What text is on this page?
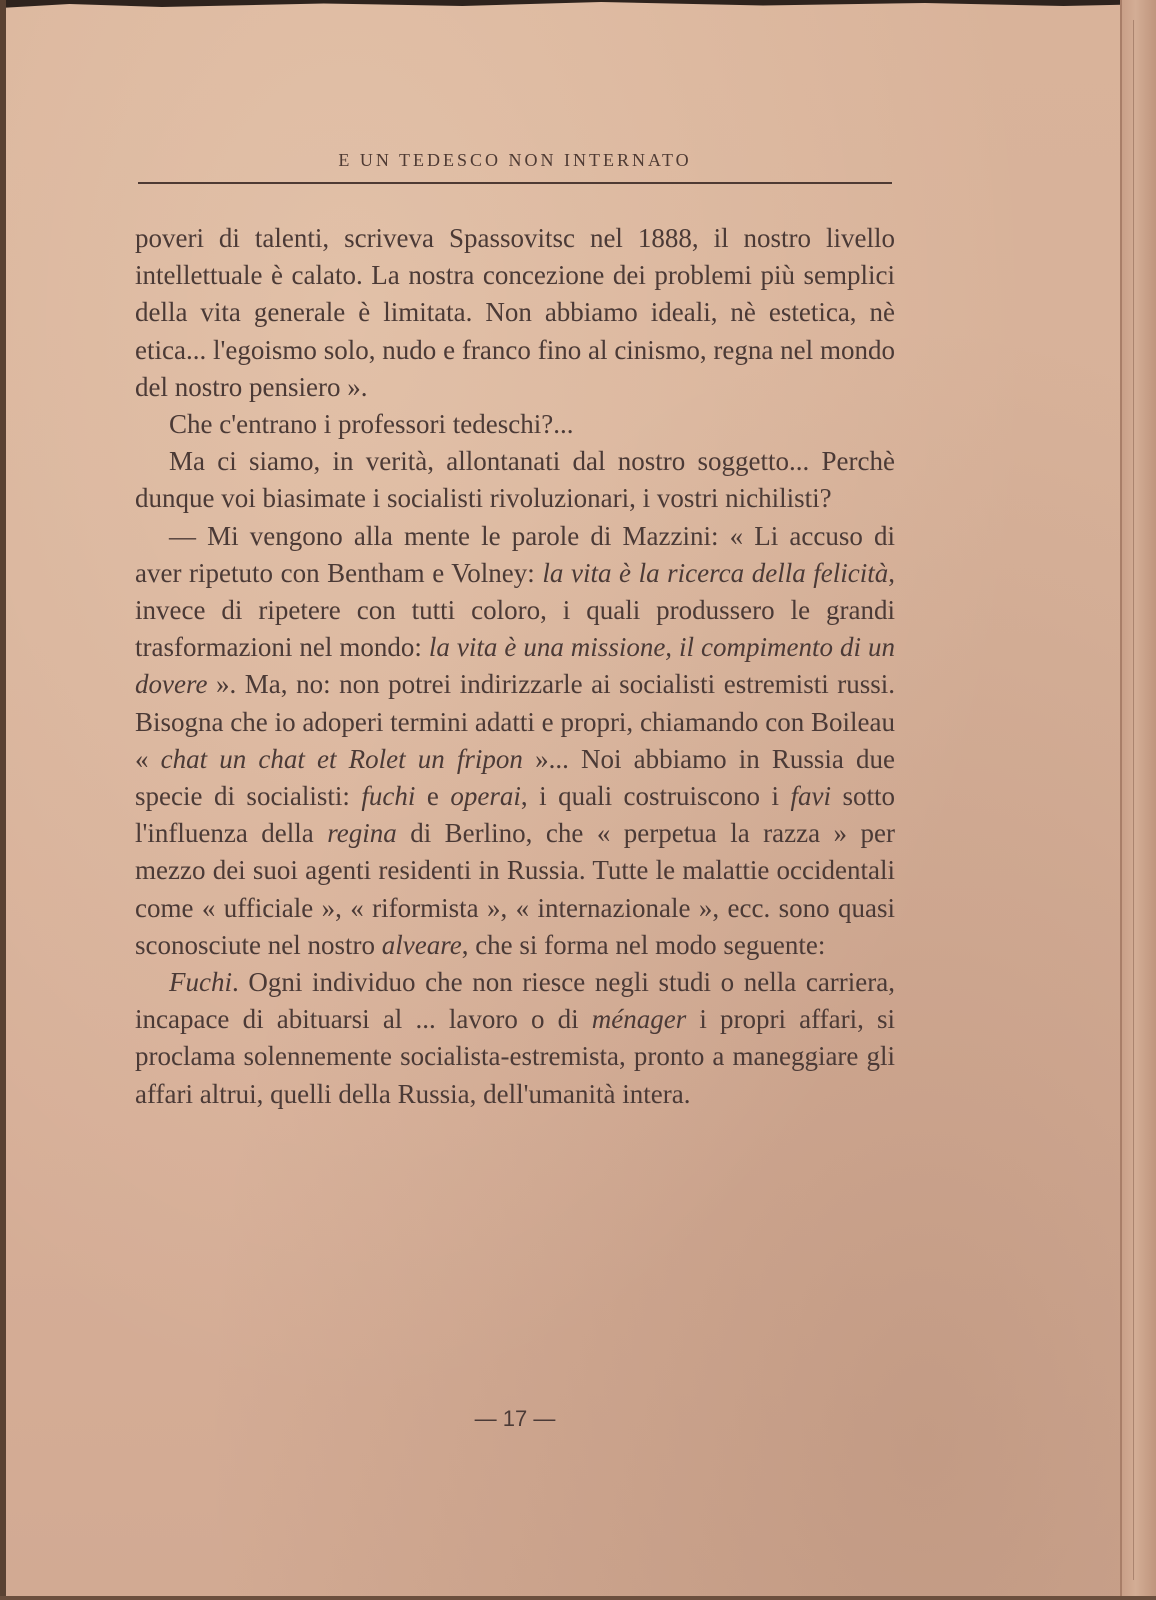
E UN TEDESCO NON INTERNATO

poveri di talenti, scriveva Spassovitsc nel 1888, il nostro livello intellettuale è calato. La nostra concezione dei problemi più semplici della vita generale è limitata. Non abbiamo ideali, nè estetica, nè etica... l'egoismo solo, nudo e franco fino al cinismo, regna nel mondo del nostro pensiero ».

Che c'entrano i professori tedeschi?...

Ma ci siamo, in verità, allontanati dal nostro soggetto... Perchè dunque voi biasimate i socialisti rivoluzionari, i vostri nichilisti?

— Mi vengono alla mente le parole di Mazzini: « Li accuso di aver ripetuto con Bentham e Volney: la vita è la ricerca della felicità, invece di ripetere con tutti coloro, i quali produssero le grandi trasformazioni nel mondo: la vita è una missione, il compimento di un dovere ». Ma, no: non potrei indirizzarle ai socialisti estremisti russi. Bisogna che io adoperi termini adatti e propri, chiamando con Boileau « chat un chat et Rolet un fripon »... Noi abbiamo in Russia due specie di socialisti: fuchi e operai, i quali costruiscono i favi sotto l'influenza della regina di Berlino, che « perpetua la razza » per mezzo dei suoi agenti residenti in Russia. Tutte le malattie occidentali come « ufficiale », « riformista », « internazionale », ecc. sono quasi sconosciute nel nostro alveare, che si forma nel modo seguente:

Fuchi. Ogni individuo che non riesce negli studi o nella carriera, incapace di abituarsi al ... lavoro o di ménager i propri affari, si proclama solennemente socialista-estremista, pronto a maneggiare gli affari altrui, quelli della Russia, dell'umanità intera.

— 17 —
